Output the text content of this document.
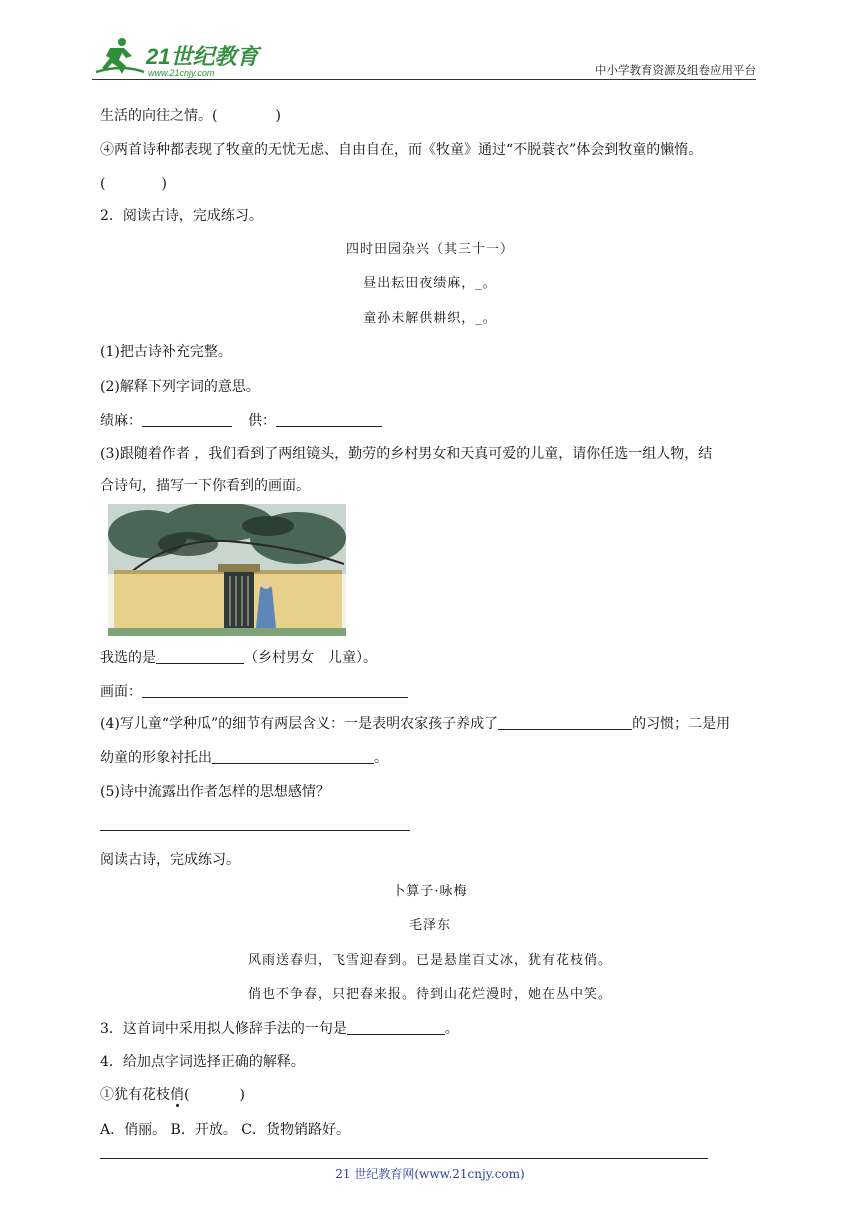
21世纪教育
www.21cnjy.com	中小学教育资源及组卷应用平台
生活的向往之情。(	)
④两首诗种都表现了牧童的无忧无虑、自由自在，而《牧童》通过“不脱蓑衣”体会到牧童的懒惰。
(	)
2．阅读古诗，完成练习。
四时田园杂兴（其三十一）
昼出耘田夜绩麻，_。
童孙未解供耕织，_。
(1)把古诗补充完整。
(2)解释下列字词的意思。
绩麻：	供：
(3)跟随着作者 ，我们看到了两组镜头，勤劳的乡村男女和天真可爱的儿童，请你任选一组人物，结
合诗句，描写一下你看到的画面。
我选的是	（乡村男女　儿童）。
画面：
(4)写儿童“学种瓜”的细节有两层含义：一是表明农家孩子养成了	的习惯；二是用
幼童的形象衬托出	。
(5)诗中流露出作者怎样的思想感情？
阅读古诗，完成练习。
卜算子·咏梅
毛泽东
风雨送春归，飞雪迎春到。已是悬崖百丈冰，犹有花枝俏。
俏也不争春，只把春来报。待到山花烂漫时，她在丛中笑。
3．这首词中采用拟人修辞手法的一句是	。
4．给加点字词选择正确的解释。
①犹有花枝俏(	)
A．俏丽。 B．开放。 C．货物销路好。
21 世纪教育网(www.21cnjy.com)
